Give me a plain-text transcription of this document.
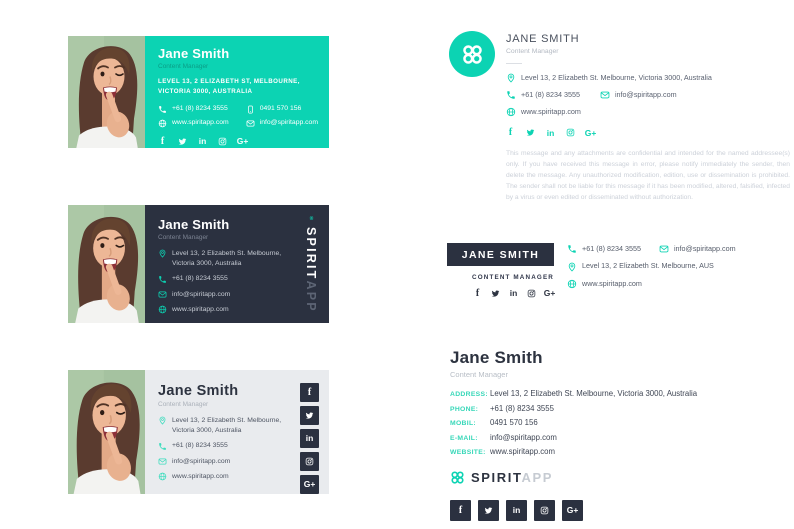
Jane Smith
Content Manager
LEVEL 13, 2 ELIZABETH ST, MELBOURNE, VICTORIA 3000, AUSTRALIA
+61 (8) 8234 3555	0491 570 156
www.spiritapp.com	info@spiritapp.com
f	in	G+
Jane Smith
Content Manager
Level 13, 2 Elizabeth St. Melbourne, Victoria 3000, Australia
+61 (8) 8234 3555
info@spiritapp.com
www.spiritapp.com
SPIRITAPP
Jane Smith
Content Manager
Level 13, 2 Elizabeth St. Melbourne, Victoria 3000, Australia
+61 (8) 8234 3555
info@spiritapp.com
www.spiritapp.com
f
in
G+
JANE SMITH
Content Manager
Level 13, 2 Elizabeth St. Melbourne, Victoria 3000, Australia
+61 (8) 8234 3555	info@spiritapp.com
www.spiritapp.com
f	in	G+
This message and any attachments are confidential and intended for the named addressee(s) only. If you have received this message in error, please notify immediately the sender, then delete the message. Any unauthorized modification, edition, use or dissemination is prohibited. The sender shall not be liable for this message if it has been modified, altered, falsified, infected by a virus or even edited or disseminated without authorization.
JANE SMITH
CONTENT MANAGER
f	in	G+
+61 (8) 8234 3555	info@spiritapp.com
Level 13, 2 Elizabeth St. Melbourne, AUS
www.spiritapp.com
Jane Smith
Content Manager
ADDRESS: Level 13, 2 Elizabeth St. Melbourne, Victoria 3000, Australia
PHONE:	+61 (8) 8234 3555
MOBIL:	0491 570 156
E-MAIL:	info@spiritapp.com
WEBSITE: www.spiritapp.com
SPIRITAPP
f	in	G+
